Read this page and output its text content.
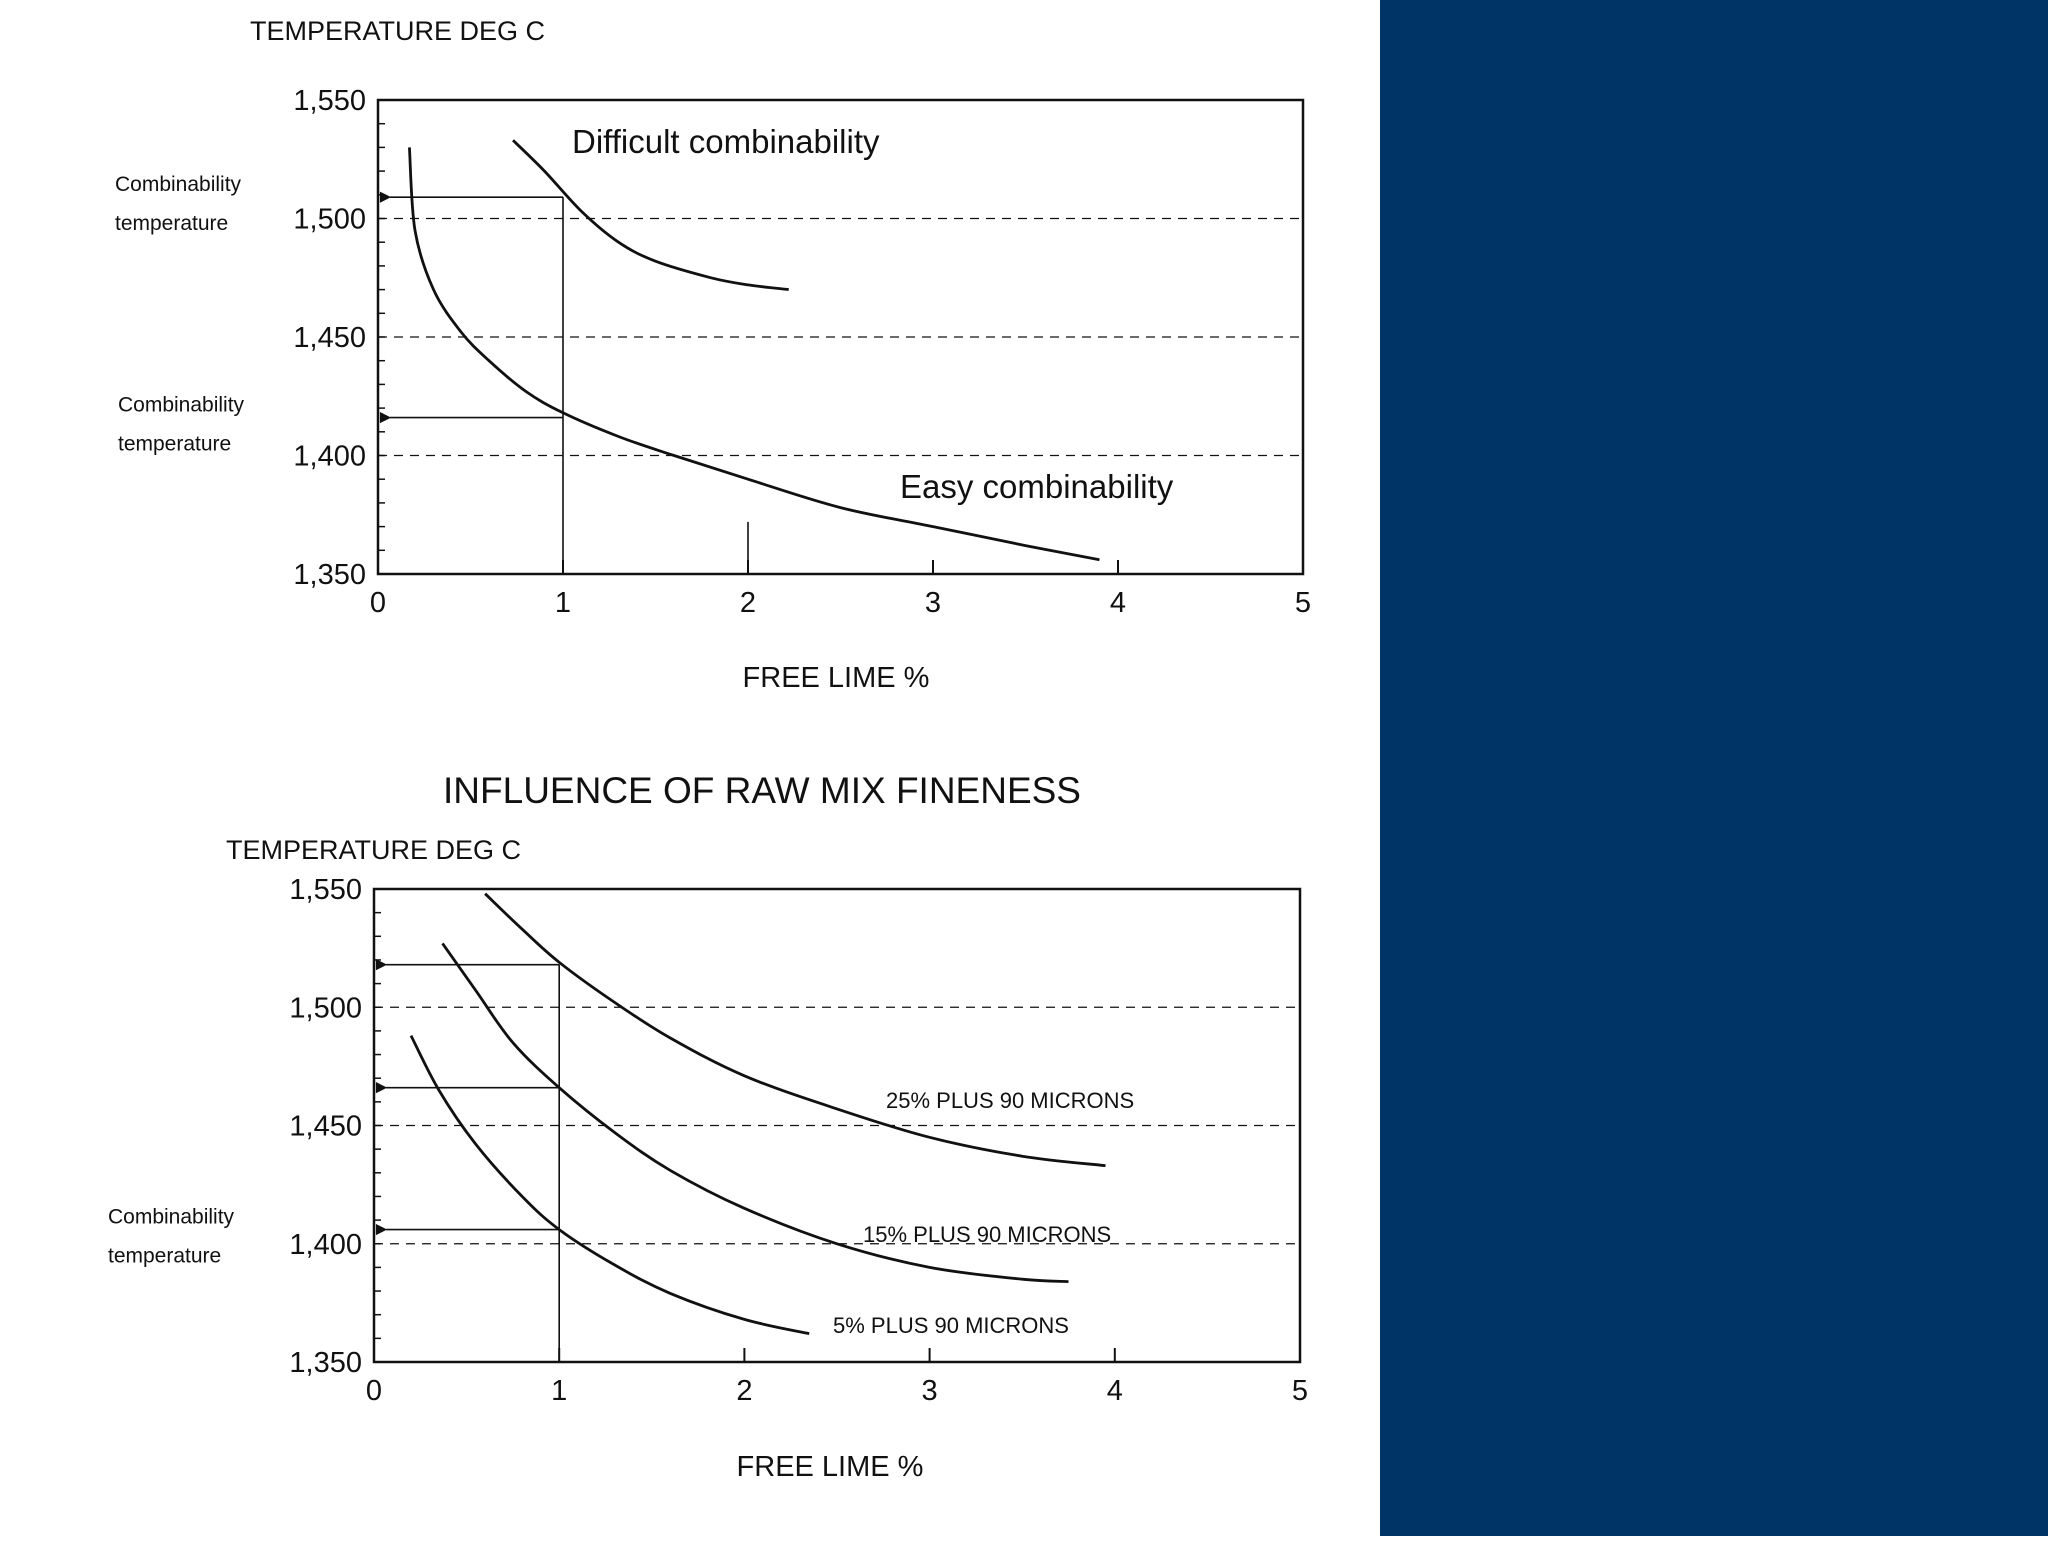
TEMPERATURE DEG C
FREE LIME %
0	1	2	3	4	5
1,350
1,400
1,450
1,500
1,550
Combinability
temperature
Combinability
temperature
Difficult combinability
Easy combinability
INFLUENCE OF RAW MIX FINENESS
TEMPERATURE DEG C
FREE LIME %
0	1	2	3	4	5
1,350
1,400
1,450
1,500
1,550
Combinability
temperature
25% PLUS 90 MICRONS
15% PLUS 90 MICRONS
5% PLUS 90 MICRONS
